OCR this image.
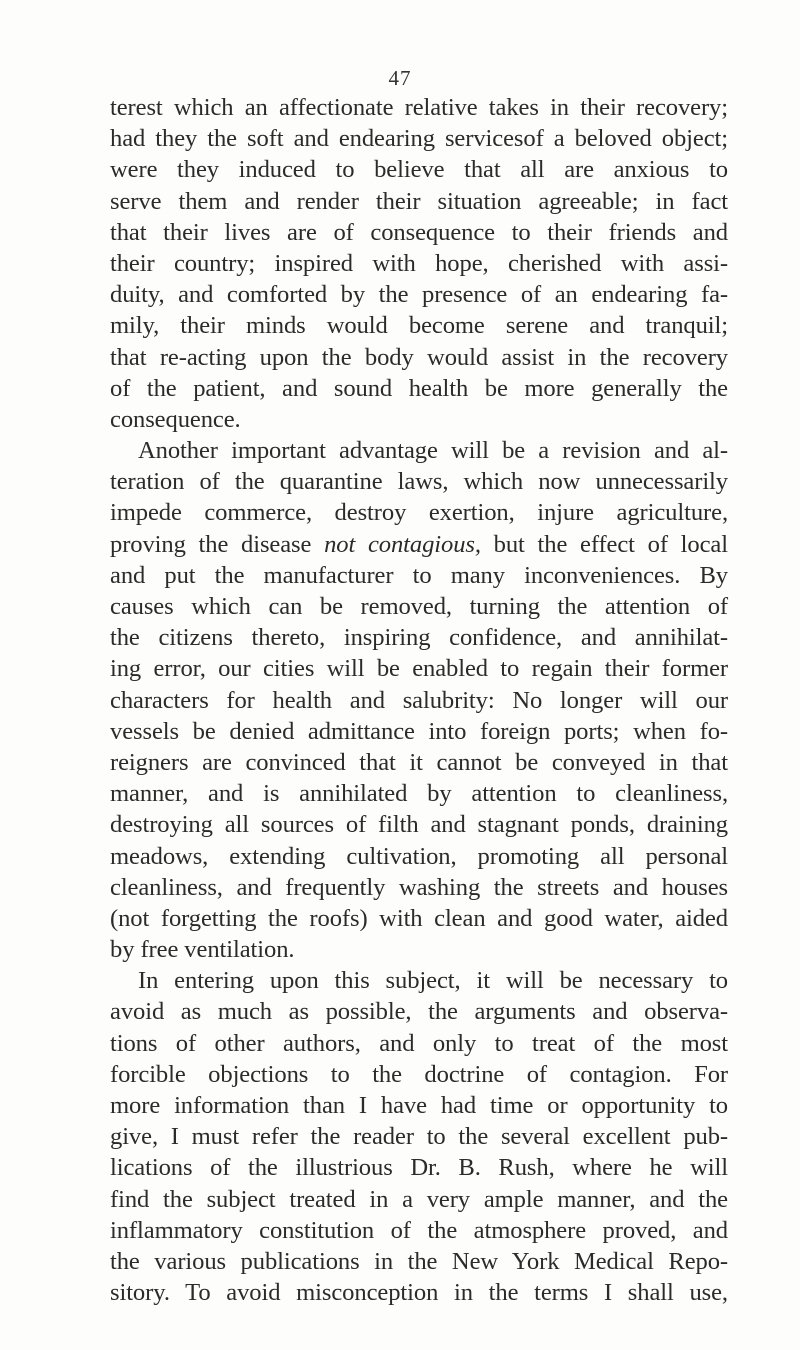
47
terest which an affectionate relative takes in their recovery;
had they the soft and endearing servicesof a beloved object;
were they induced to believe that all are anxious to
serve them and render their situation agreeable; in fact
that their lives are of consequence to their friends and
their country; inspired with hope, cherished with assi-
duity, and comforted by the presence of an endearing fa-
mily, their minds would become serene and tranquil;
that re-acting upon the body would assist in the recovery
of the patient, and sound health be more generally the
consequence.
Another important advantage will be a revision and al-
teration of the quarantine laws, which now unnecessarily
impede commerce, destroy exertion, injure agriculture,
proving the disease not contagious, but the effect of local
and put the manufacturer to many inconveniences. By
causes which can be removed, turning the attention of
the citizens thereto, inspiring confidence, and annihilat-
ing error, our cities will be enabled to regain their former
characters for health and salubrity: No longer will our
vessels be denied admittance into foreign ports; when fo-
reigners are convinced that it cannot be conveyed in that
manner, and is annihilated by attention to cleanliness,
destroying all sources of filth and stagnant ponds, draining
meadows, extending cultivation, promoting all personal
cleanliness, and frequently washing the streets and houses
(not forgetting the roofs) with clean and good water, aided
by free ventilation.
In entering upon this subject, it will be necessary to
avoid as much as possible, the arguments and observa-
tions of other authors, and only to treat of the most
forcible objections to the doctrine of contagion. For
more information than I have had time or opportunity to
give, I must refer the reader to the several excellent pub-
lications of the illustrious Dr. B. Rush, where he will
find the subject treated in a very ample manner, and the
inflammatory constitution of the atmosphere proved, and
the various publications in the New York Medical Repo-
sitory. To avoid misconception in the terms I shall use,
